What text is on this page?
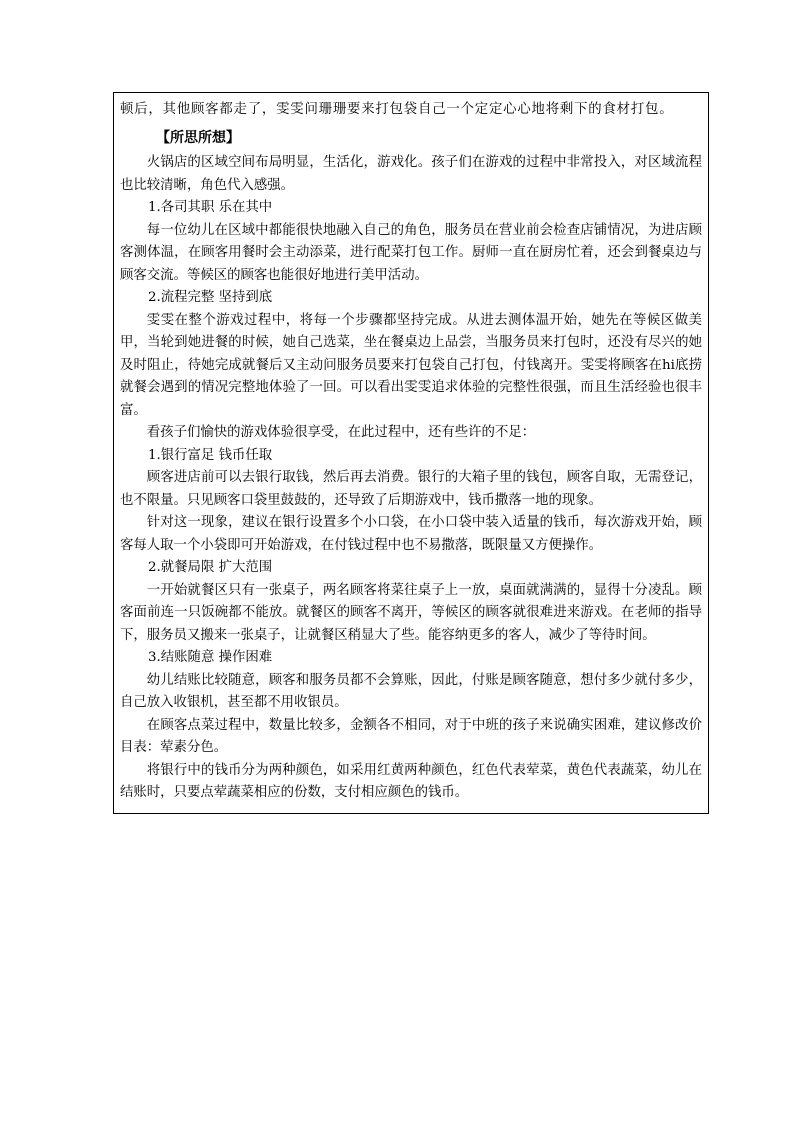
顿后，其他顾客都走了，雯雯问珊珊要来打包袋自己一个定定心心地将剩下的食材打包。

【所思所想】

火锅店的区域空间布局明显，生活化，游戏化。孩子们在游戏的过程中非常投入，对区域流程也比较清晰，角色代入感强。

1.各司其职 乐在其中

每一位幼儿在区域中都能很快地融入自己的角色，服务员在营业前会检查店铺情况，为进店顾客测体温，在顾客用餐时会主动添菜，进行配菜打包工作。厨师一直在厨房忙着，还会到餐桌边与顾客交流。等候区的顾客也能很好地进行美甲活动。

2.流程完整 坚持到底

雯雯在整个游戏过程中，将每一个步骤都坚持完成。从进去测体温开始，她先在等候区做美甲，当轮到她进餐的时候，她自己选菜，坐在餐桌边上品尝，当服务员来打包时，还没有尽兴的她及时阻止，待她完成就餐后又主动问服务员要来打包袋自己打包，付钱离开。雯雯将顾客在hi底捞就餐会遇到的情况完整地体验了一回。可以看出雯雯追求体验的完整性很强，而且生活经验也很丰富。

看孩子们愉快的游戏体验很享受，在此过程中，还有些许的不足：

1.银行富足 钱币任取

顾客进店前可以去银行取钱，然后再去消费。银行的大箱子里的钱包，顾客自取，无需登记，也不限量。只见顾客口袋里鼓鼓的，还导致了后期游戏中，钱币撒落一地的现象。

针对这一现象，建议在银行设置多个小口袋，在小口袋中装入适量的钱币，每次游戏开始，顾客每人取一个小袋即可开始游戏，在付钱过程中也不易撒落，既限量又方便操作。

2.就餐局限 扩大范围

一开始就餐区只有一张桌子，两名顾客将菜往桌子上一放，桌面就满满的，显得十分凌乱。顾客面前连一只饭碗都不能放。就餐区的顾客不离开，等候区的顾客就很难进来游戏。在老师的指导下，服务员又搬来一张桌子，让就餐区稍显大了些。能容纳更多的客人，减少了等待时间。

3.结账随意 操作困难

幼儿结账比较随意，顾客和服务员都不会算账，因此，付账是顾客随意，想付多少就付多少，自己放入收银机，甚至都不用收银员。

在顾客点菜过程中，数量比较多，金额各不相同，对于中班的孩子来说确实困难，建议修改价目表：荤素分色。

将银行中的钱币分为两种颜色，如采用红黄两种颜色，红色代表荤菜，黄色代表蔬菜，幼儿在结账时，只要点荤蔬菜相应的份数，支付相应颜色的钱币。
